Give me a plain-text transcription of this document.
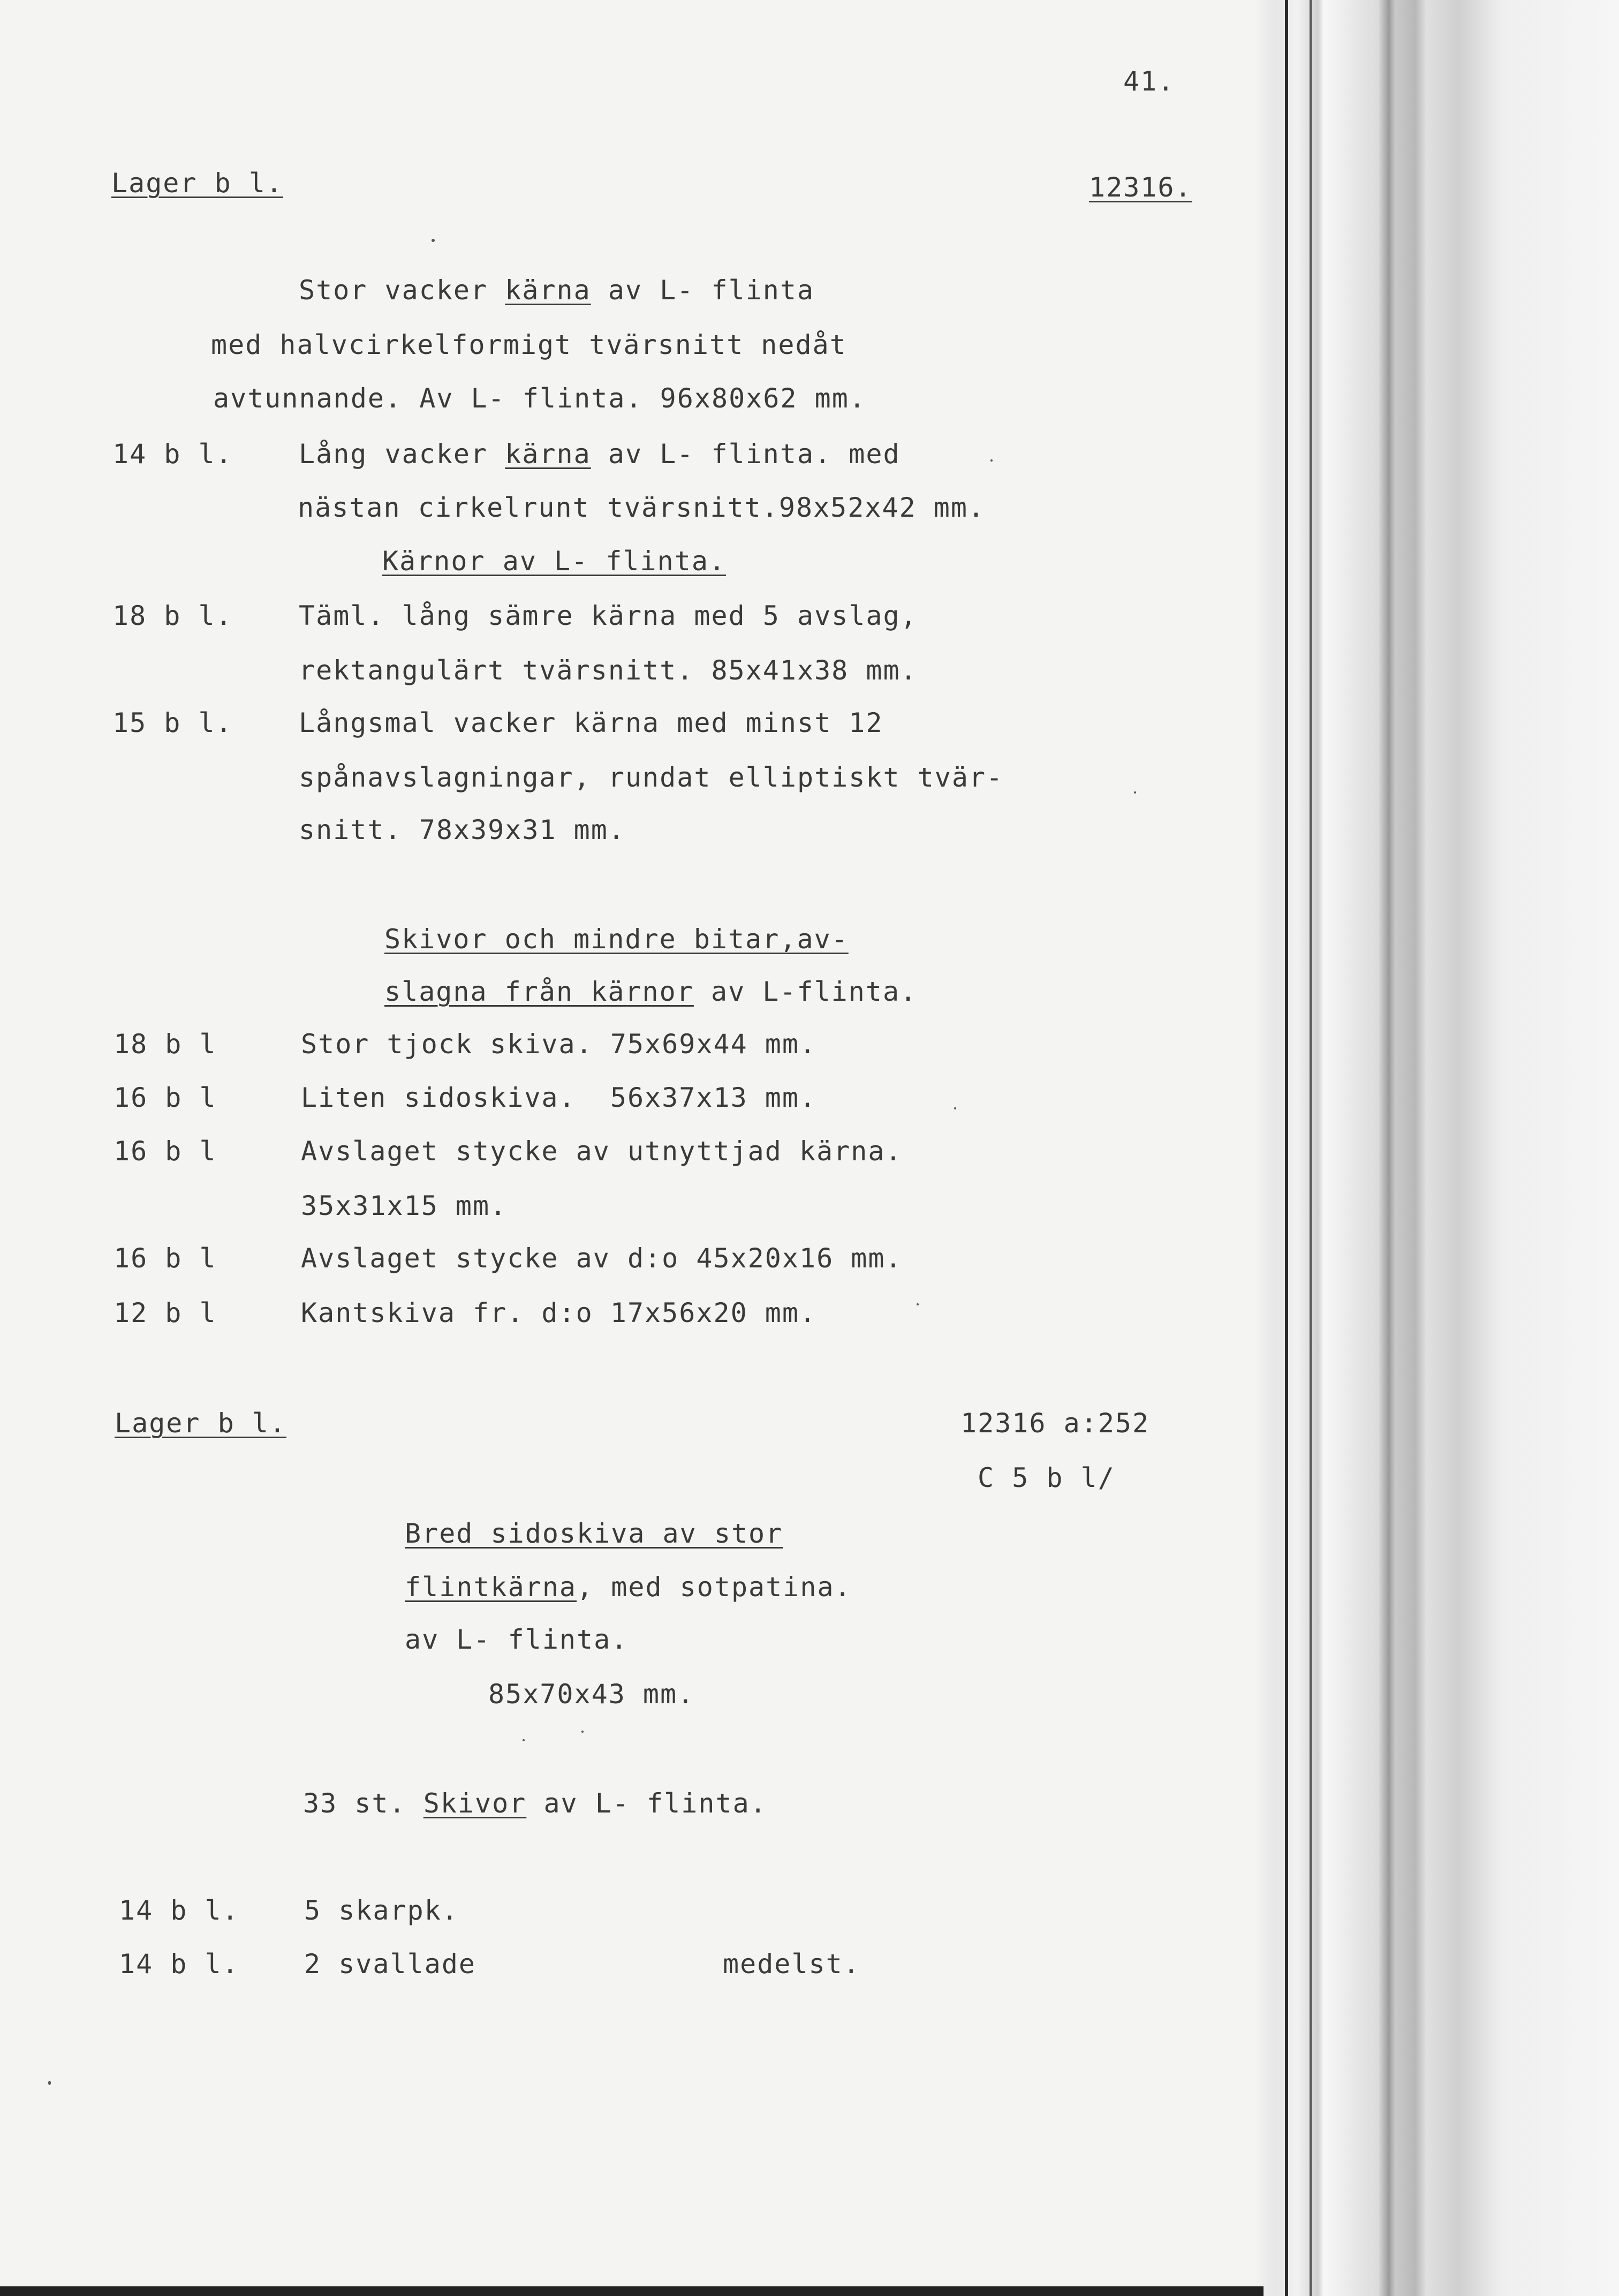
41.
Lager b l.	12316.
Stor vacker kärna av L- flinta
med halvcirkelformigt tvärsnitt nedåt
avtunnande. Av L- flinta. 96x80x62 mm.
14 b l. Lång vacker kärna av L- flinta. med
nästan cirkelrunt tvärsnitt.98x52x42 mm.
Kärnor av L- flinta.
18 b l. Täml. lång sämre kärna med 5 avslag,
rektangulärt tvärsnitt. 85x41x38 mm.
15 b l. Långsmal vacker kärna med minst 12
spånavslagningar, rundat elliptiskt tvär-
snitt. 78x39x31 mm.
Skivor och mindre bitar,av-
slagna från kärnor av L-flinta.
18 b l	Stor tjock skiva. 75x69x44 mm.
16 b l	Liten sidoskiva.  56x37x13 mm.
16 b l	Avslaget stycke av utnyttjad kärna.
35x31x15 mm.
16 b l	Avslaget stycke av d:o 45x20x16 mm.
12 b l	Kantskiva fr. d:o 17x56x20 mm.
Lager b l.	12316 a:252
C 5 b l/
Bred sidoskiva av stor
flintkärna, med sotpatina.
av L- flinta.
85x70x43 mm.
33 st. Skivor av L- flinta.
14 b l. 5 skarpk.
14 b l. 2 svallade	medelst.
